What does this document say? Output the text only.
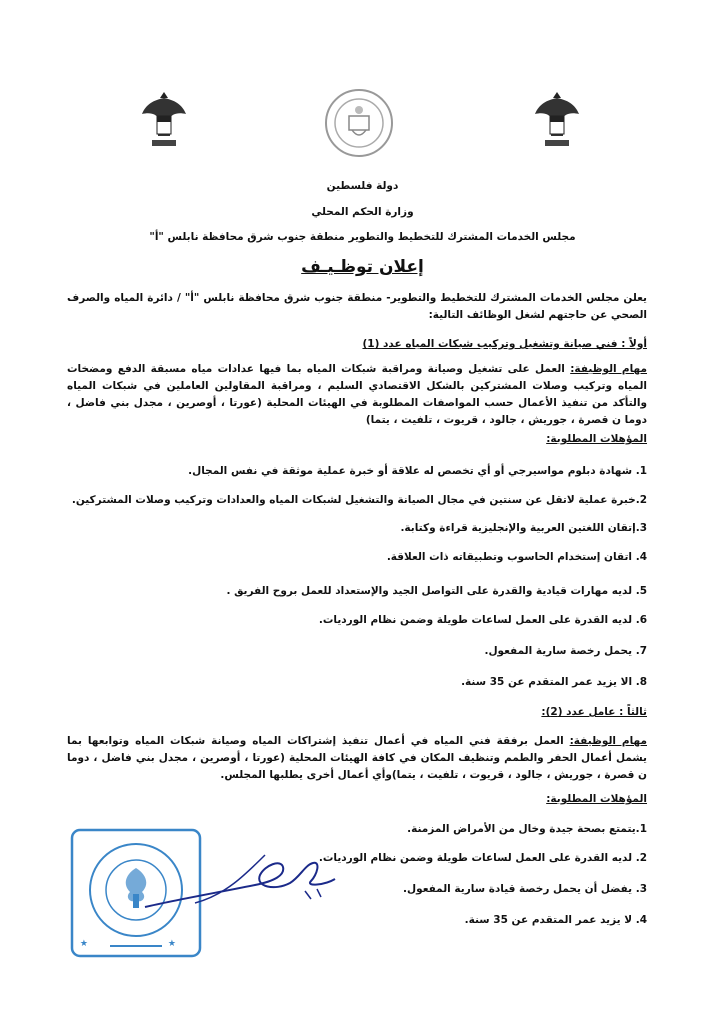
دولة فلسطين
وزارة الحكم المحلي
مجلس الخدمات المشترك للتخطيط والتطوير منطقة جنوب شرق محافظة نابلس "أ"
إعلان توظـيـف
يعلن مجلس الخدمات المشترك للتخطيط والتطوير- منطقة جنوب شرق محافظة نابلس "أ" / دائرة المياه والصرف الصحي عن حاجتهم لشغل الوظائف التالية:
أولاً : فني صيانة وتشغيل وتركيب شبكات المياه عدد (1)
مهام الوظيفة: العمل على تشغيل وصيانة ومراقبة شبكات المياه بما فيها عدادات مياه مسبقة الدفع ومضخات المياه وتركيب وصلات المشتركين بالشكل الاقتصادي السليم ، ومراقبة المقاولين العاملين في شبكات المياه والتأكد من تنفيذ الأعمال حسب المواصفات المطلوبة في الهيئات المحلية (عورتا ، أوصرين ، مجدل بني فاضل ، دوما ن قصرة ، جوريش ، جالود ، قريوت ، تلفيت ، يتما)
المؤهلات المطلوبة:
1. شهادة دبلوم مواسيرجي أو أي تخصص له علاقة أو خبرة عملية موثقة في نفس المجال.
2.خبرة عملية لاتقل عن سنتين في مجال الصيانة والتشغيل لشبكات المياه والعدادات وتركيب وصلات المشتركين.
3.إتقان اللغتين العربية والإنجليزية قراءة وكتابة.
4. اتقان إستخدام الحاسوب وتطبيقاته ذات العلاقة.
5. لديه مهارات قيادية والقدرة على التواصل الجيد والإستعداد للعمل بروح الفريق .
6. لديه القدرة على العمل لساعات طويلة وضمن نظام الورديات.
7. يحمل رخصة سارية المفعول.
8. الا يزيد عمر المتقدم عن 35 سنة.
ثالثاً : عامل عدد (2):
مهام الوظيفة: العمل برفقة فني المياه في أعمال تنفيذ إشتراكات المياه وصيانة شبكات المياه وتوابعها بما يشمل أعمال الحفر والطمم وتنظيف المكان في كافة الهيئات المحلية (عورتا ، أوصرين ، مجدل بني فاضل ، دوما ن قصرة ، جوريش ، جالود ، قريوت ، تلفيت ، يتما)وأي أعمال أخرى يطلبها المجلس.
المؤهلات المطلوبة:
1.يتمتع بصحة جيدة وخال من الأمراض المزمنة.
2. لديه القدرة على العمل لساعات طويلة وضمن نظام الورديات.
3. يفضل أن يحمل رخصة قيادة سارية المفعول.
4. لا يزيد عمر المتقدم عن 35 سنة.
★	★
